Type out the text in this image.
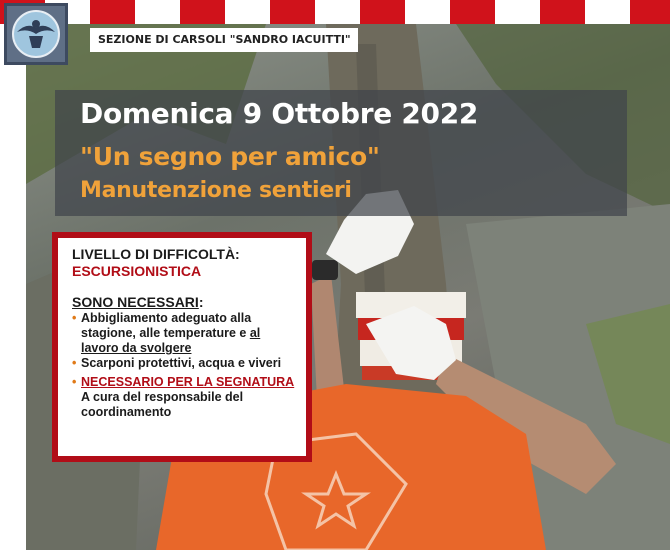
SEZIONE DI CARSOLI "SANDRO IACUITTI"
Domenica 9 Ottobre 2022
"Un segno per amico"
Manutenzione sentieri

LIVELLO DI DIFFICOLTÀ:

ESCURSIONISTICA

SONO NECESSARI:

• Abbigliamento adeguato alla stagione, alle temperature e al lavoro da svolgere
• Scarponi protettivi, acqua e viveri
• NECESSARIO PER LA SEGNATURA

A cura del responsabile del coordinamento
